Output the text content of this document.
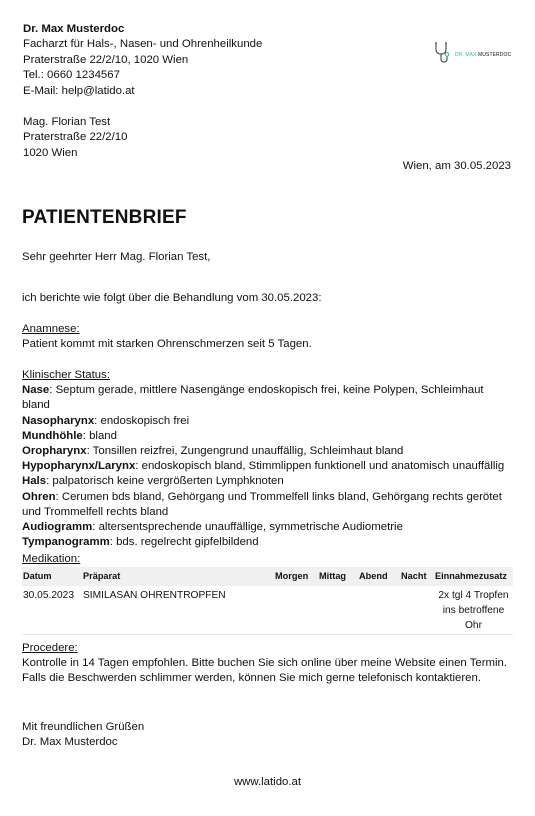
Dr. Max Musterdoc
Facharzt für Hals-, Nasen- und Ohrenheilkunde
Praterstraße 22/2/10, 1020 Wien
Tel.: 0660 1234567
E-Mail: help@latido.at
DR. MAX MUSTERDOC
Mag. Florian Test
Praterstraße 22/2/10
1020 Wien
Wien, am 30.05.2023
PATIENTENBRIEF
Sehr geehrter Herr Mag. Florian Test,
ich berichte wie folgt über die Behandlung vom 30.05.2023:
Anamnese:
Patient kommt mit starken Ohrenschmerzen seit 5 Tagen.
Klinischer Status:
Nase: Septum gerade, mittlere Nasengänge endoskopisch frei, keine Polypen, Schleimhaut bland
Nasopharynx: endoskopisch frei
Mundhöhle: bland
Oropharynx: Tonsillen reizfrei, Zungengrund unauffällig, Schleimhaut bland
Hypopharynx/Larynx: endoskopisch bland, Stimmlippen funktionell und anatomisch unauffällig
Hals: palpatorisch keine vergrößerten Lymphknoten
Ohren: Cerumen bds bland, Gehörgang und Trommelfell links bland, Gehörgang rechts gerötet und Trommelfell rechts bland
Audiogramm: altersentsprechende unauffällige, symmetrische Audiometrie
Tympanogramm: bds. regelrecht gipfelbildend
Medikation:
Datum	Präparat	Morgen	Mittag	Abend	Nacht	Einnahmezusatz
30.05.2023	SIMILASAN OHRENTROPFEN					2x tgl 4 Tropfen ins betroffene Ohr
Procedere:
Kontrolle in 14 Tagen empfohlen. Bitte buchen Sie sich online über meine Website einen Termin.
Falls die Beschwerden schlimmer werden, können Sie mich gerne telefonisch kontaktieren.
Mit freundlichen Grüßen
Dr. Max Musterdoc
www.latido.at
